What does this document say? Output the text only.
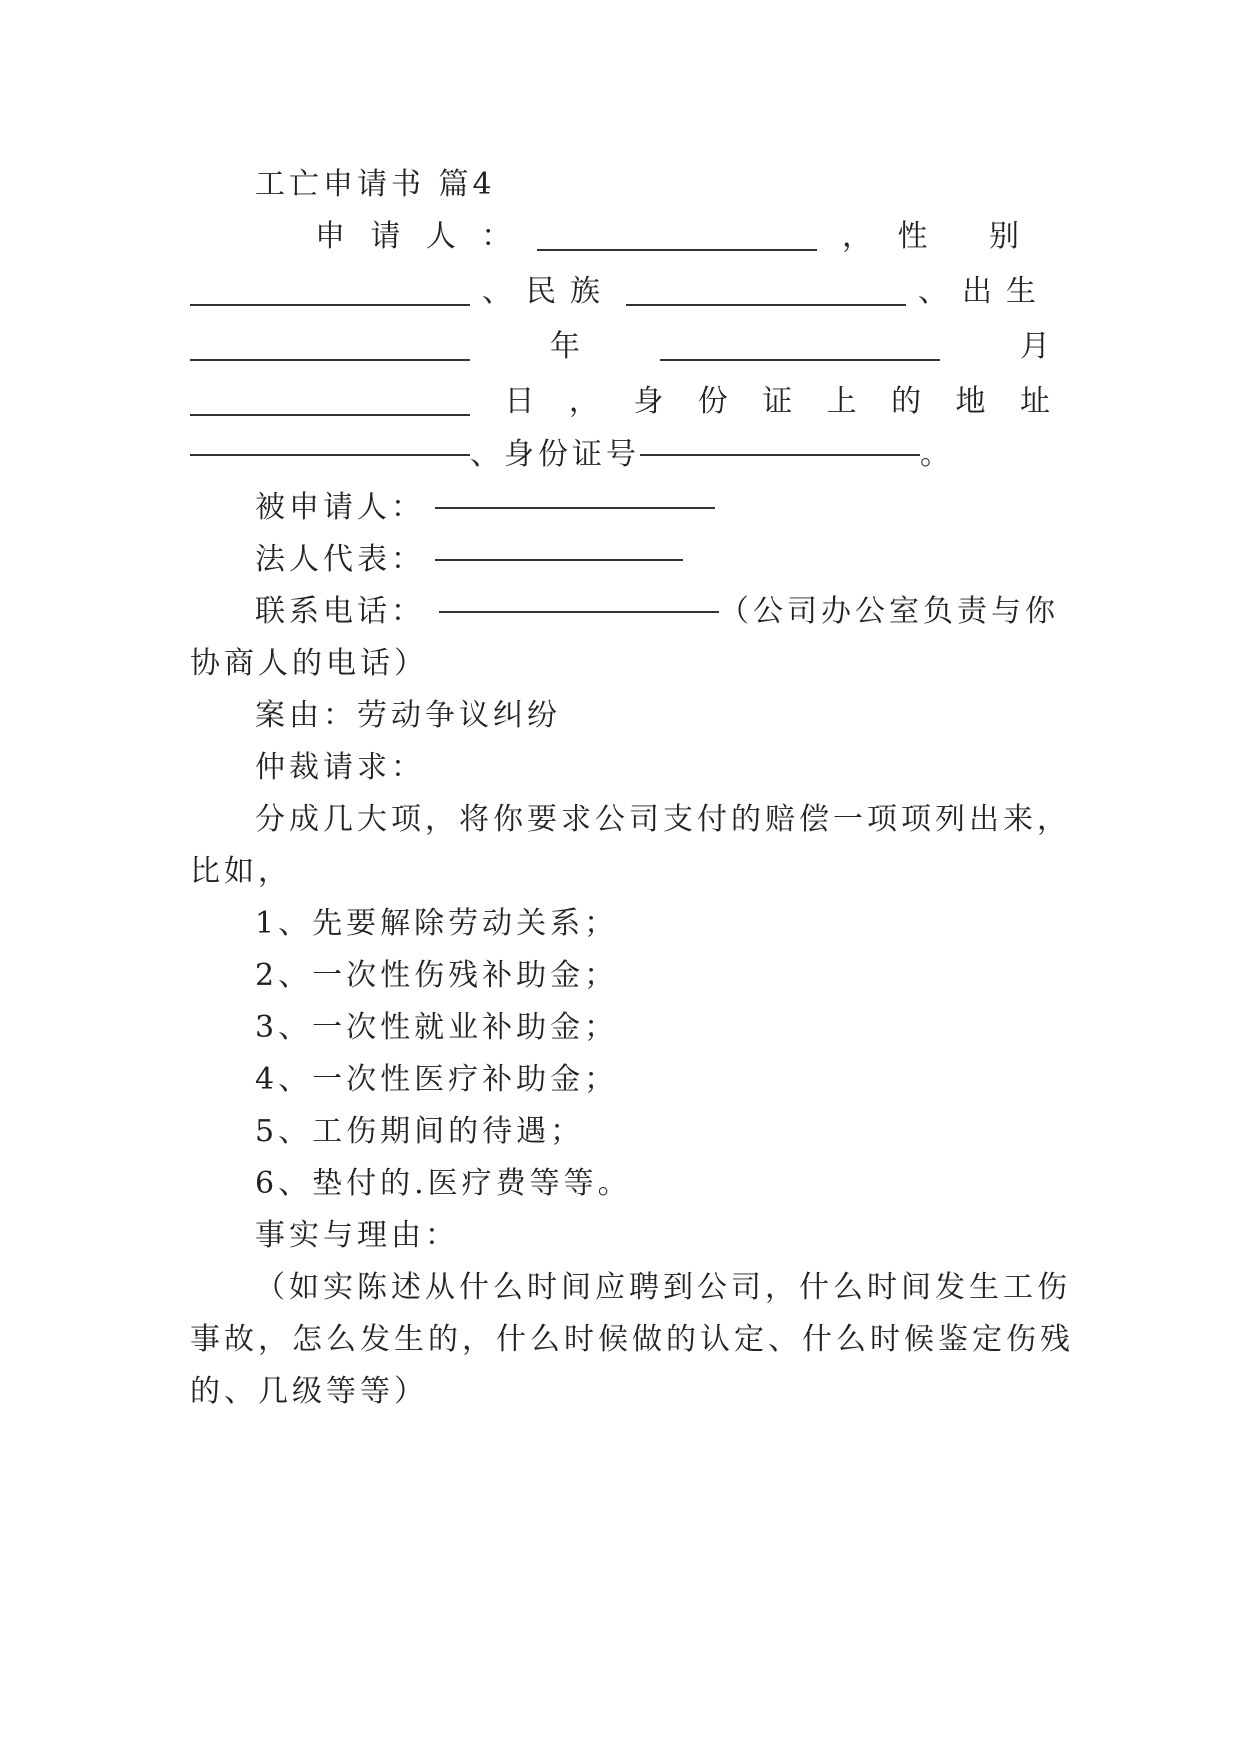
工亡申请书 篇4
申 请 人 ：	， 性 别
、民族	、出生
年	月
日 ， 身 份 证 上 的 地 址
、身份证号	。
被申请人：
法人代表：
联系电话：	（公司办公室负责与你
协商人的电话）
案由：劳动争议纠纷
仲裁请求：
分成几大项，将你要求公司支付的赔偿一项项列出来，
比如，
1、先要解除劳动关系；
2、一次性伤残补助金；
3、一次性就业补助金；
4、一次性医疗补助金；
5、工伤期间的待遇；
6、垫付的.医疗费等等。
事实与理由：
（如实陈述从什么时间应聘到公司，什么时间发生工伤
事故，怎么发生的，什么时候做的认定、什么时候鉴定伤残
的、几级等等）
